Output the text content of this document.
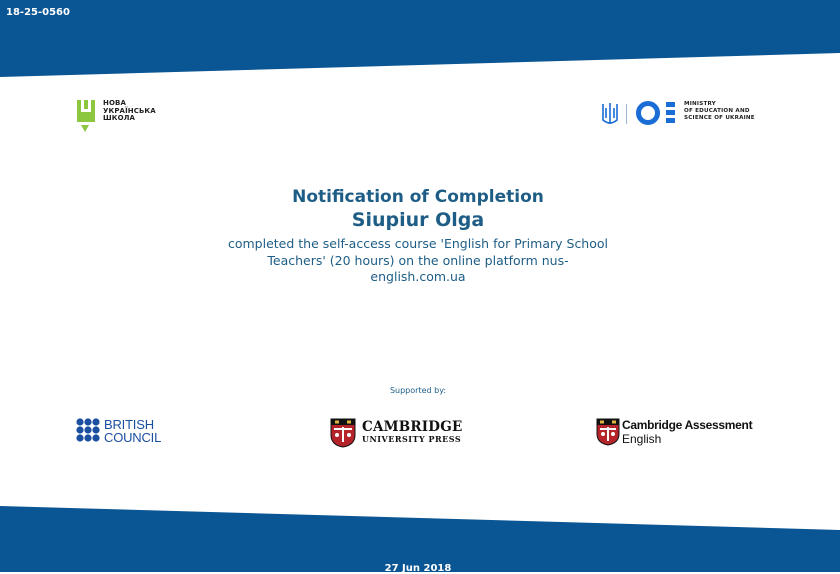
18-25-0560
НОВА
УКРАЇНСЬКА
ШКОЛА
MINISTRY
OF EDUCATION AND
SCIENCE OF UKRAINE
Notification of Completion
Siupiur Olga
completed the self-access course 'English for Primary School Teachers' (20 hours) on the online platform nus-english.com.ua
Supported by:
BRITISH
COUNCIL
CAMBRIDGE
UNIVERSITY PRESS
Cambridge Assessment
English
27 Jun 2018
